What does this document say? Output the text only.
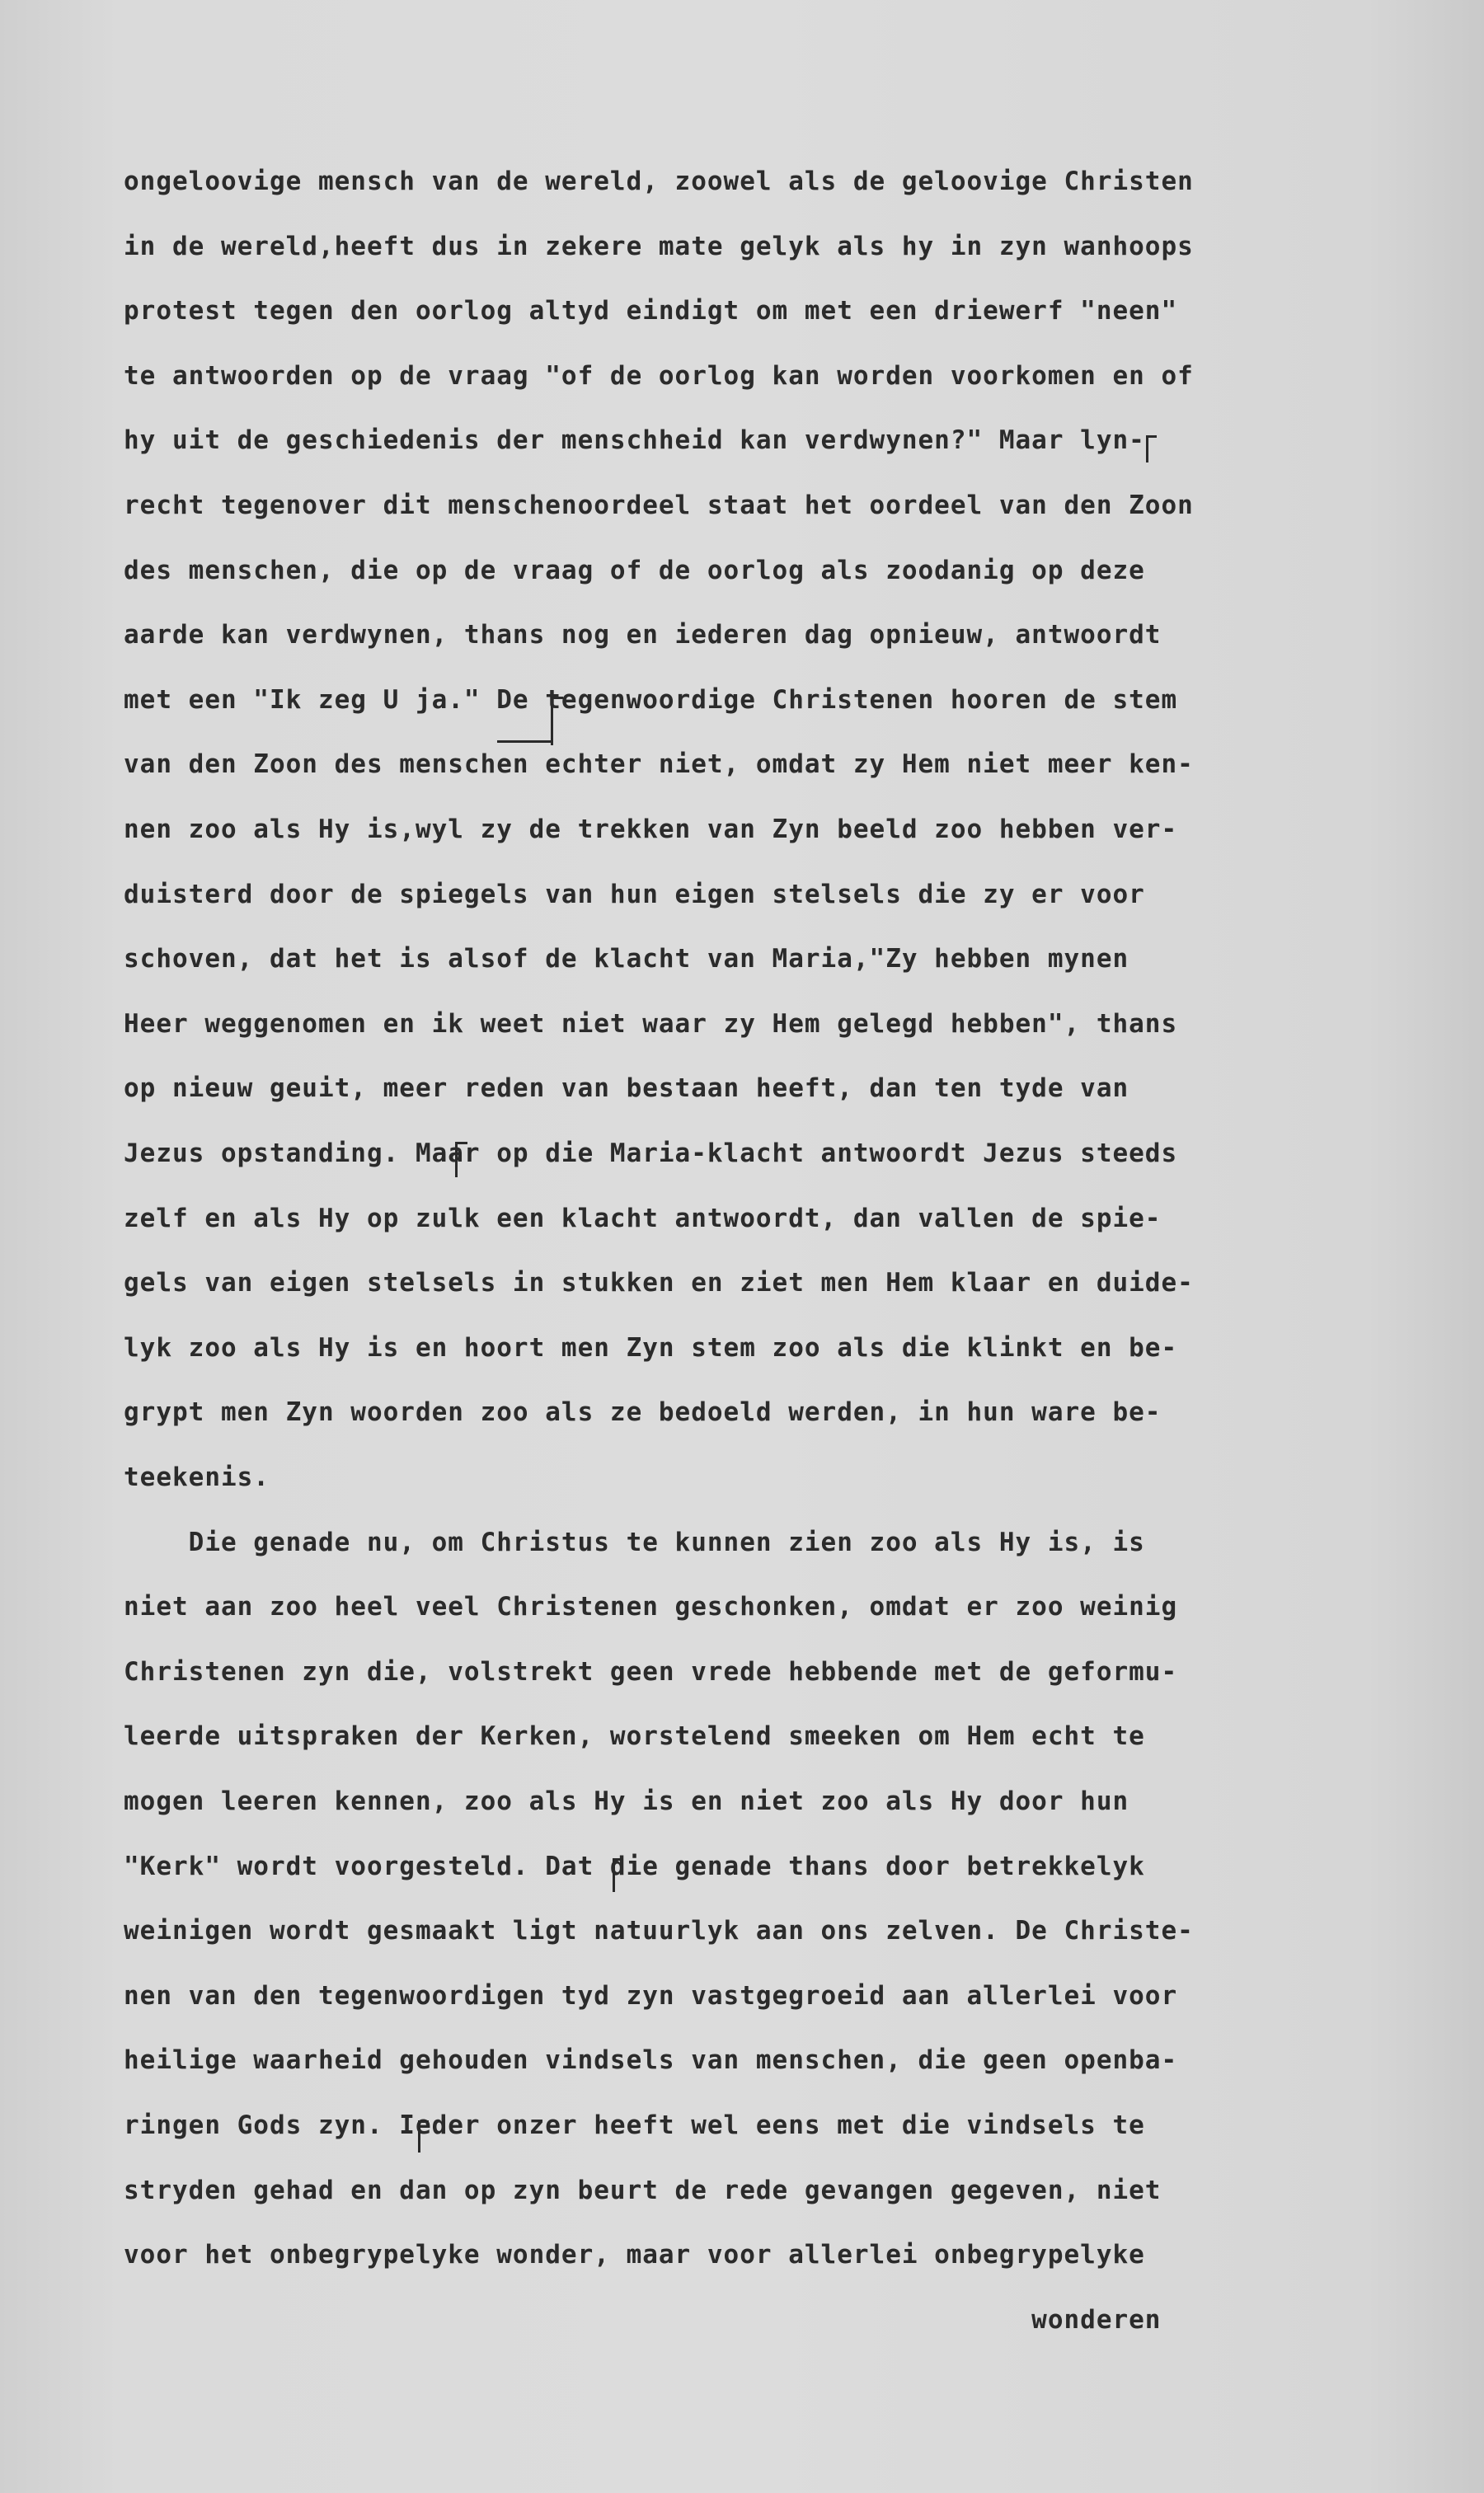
ongeloovige mensch van de wereld, zoowel als de geloovige Christen
in de wereld,heeft dus in zekere mate gelyk als hy in zyn wanhoops
protest tegen den oorlog altyd eindigt om met een driewerf "neen"
te antwoorden op de vraag "of de oorlog kan worden voorkomen en of
hy uit de geschiedenis der menschheid kan verdwynen?" Maar lyn-
recht tegenover dit menschenoordeel staat het oordeel van den Zoon
des menschen, die op de vraag of de oorlog als zoodanig op deze
aarde kan verdwynen, thans nog en iederen dag opnieuw, antwoordt
met een "Ik zeg U ja." De tegenwoordige Christenen hooren de stem
van den Zoon des menschen echter niet, omdat zy Hem niet meer ken-
nen zoo als Hy is,wyl zy de trekken van Zyn beeld zoo hebben ver-
duisterd door de spiegels van hun eigen stelsels die zy er voor
schoven, dat het is alsof de klacht van Maria,"Zy hebben mynen
Heer weggenomen en ik weet niet waar zy Hem gelegd hebben", thans
op nieuw geuit, meer reden van bestaan heeft, dan ten tyde van
Jezus opstanding. Maar op die Maria-klacht antwoordt Jezus steeds
zelf en als Hy op zulk een klacht antwoordt, dan vallen de spie-
gels van eigen stelsels in stukken en ziet men Hem klaar en duide-
lyk zoo als Hy is en hoort men Zyn stem zoo als die klinkt en be-
grypt men Zyn woorden zoo als ze bedoeld werden, in hun ware be-
teekenis.
Die genade nu, om Christus te kunnen zien zoo als Hy is, is
niet aan zoo heel veel Christenen geschonken, omdat er zoo weinig
Christenen zyn die, volstrekt geen vrede hebbende met de geformu-
leerde uitspraken der Kerken, worstelend smeeken om Hem echt te
mogen leeren kennen, zoo als Hy is en niet zoo als Hy door hun
"Kerk" wordt voorgesteld. Dat die genade thans door betrekkelyk
weinigen wordt gesmaakt ligt natuurlyk aan ons zelven. De Christe-
nen van den tegenwoordigen tyd zyn vastgegroeid aan allerlei voor
heilige waarheid gehouden vindsels van menschen, die geen openba-
ringen Gods zyn. Ieder onzer heeft wel eens met die vindsels te
stryden gehad en dan op zyn beurt de rede gevangen gegeven, niet
voor het onbegrypelyke wonder, maar voor allerlei onbegrypelyke
wonderen
